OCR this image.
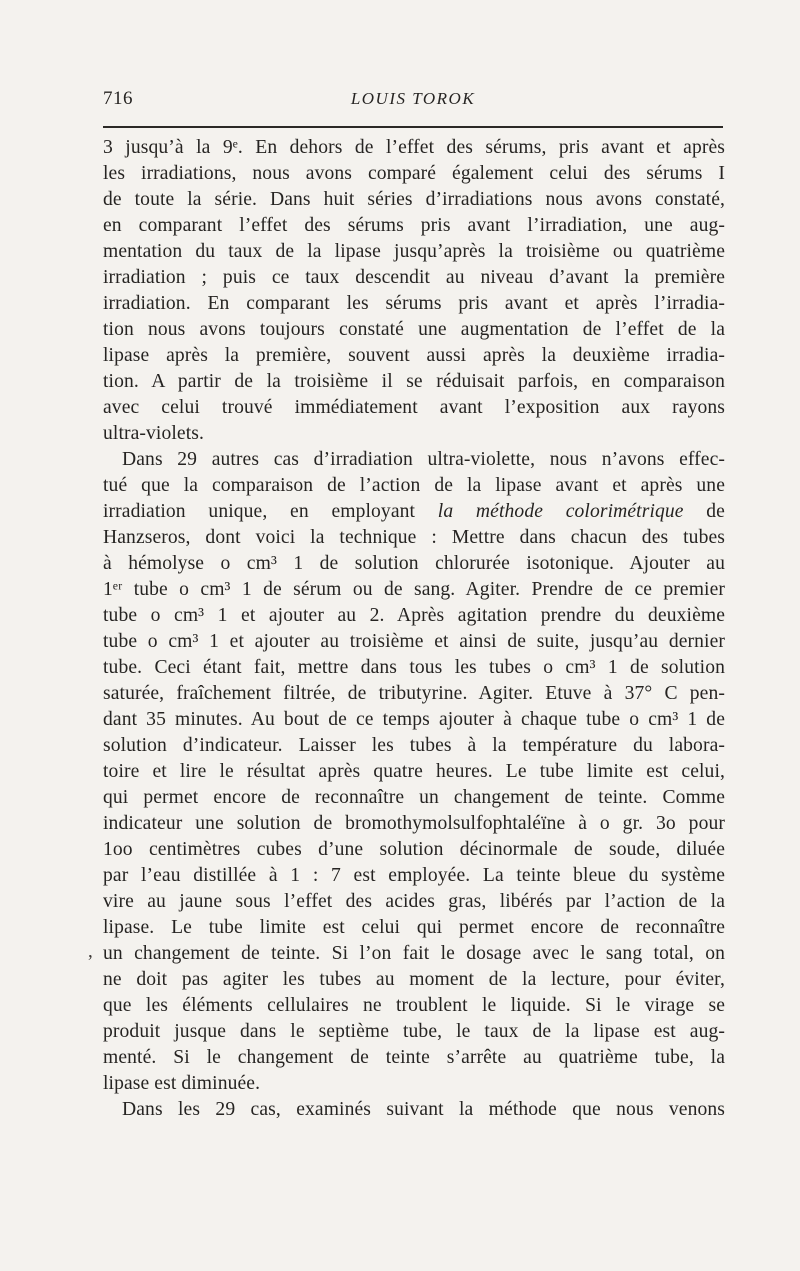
716	LOUIS TOROK
,
3 jusqu’à la 9ᵉ. En dehors de l’effet des sérums, pris avant et après
les irradiations, nous avons comparé également celui des sérums I
de toute la série. Dans huit séries d’irradiations nous avons constaté,
en comparant l’effet des sérums pris avant l’irradiation, une aug-
mentation du taux de la lipase jusqu’après la troisième ou quatrième
irradiation ; puis ce taux descendit au niveau d’avant la première
irradiation. En comparant les sérums pris avant et après l’irradia-
tion nous avons toujours constaté une augmentation de l’effet de la
lipase après la première, souvent aussi après la deuxième irradia-
tion. A partir de la troisième il se réduisait parfois, en comparaison
avec celui trouvé immédiatement avant l’exposition aux rayons
ultra-violets.
Dans 29 autres cas d’irradiation ultra-violette, nous n’avons effec-
tué que la comparaison de l’action de la lipase avant et après une
irradiation unique, en employant la méthode colorimétrique de
Hanzseros, dont voici la technique : Mettre dans chacun des tubes
à hémolyse o cm³ 1 de solution chlorurée isotonique. Ajouter au
1ᵉʳ tube o cm³ 1 de sérum ou de sang. Agiter. Prendre de ce premier
tube o cm³ 1 et ajouter au 2. Après agitation prendre du deuxième
tube o cm³ 1 et ajouter au troisième et ainsi de suite, jusqu’au dernier
tube. Ceci étant fait, mettre dans tous les tubes o cm³ 1 de solution
saturée, fraîchement filtrée, de tributyrine. Agiter. Etuve à 37° C pen-
dant 35 minutes. Au bout de ce temps ajouter à chaque tube o cm³ 1 de
solution d’indicateur. Laisser les tubes à la température du labora-
toire et lire le résultat après quatre heures. Le tube limite est celui,
qui permet encore de reconnaître un changement de teinte. Comme
indicateur une solution de bromothymolsulfophtaléïne à o gr. 3o pour
1oo centimètres cubes d’une solution décinormale de soude, diluée
par l’eau distillée à 1 : 7 est employée. La teinte bleue du système
vire au jaune sous l’effet des acides gras, libérés par l’action de la
lipase. Le tube limite est celui qui permet encore de reconnaître
un changement de teinte. Si l’on fait le dosage avec le sang total, on
ne doit pas agiter les tubes au moment de la lecture, pour éviter,
que les éléments cellulaires ne troublent le liquide. Si le virage se
produit jusque dans le septième tube, le taux de la lipase est aug-
menté. Si le changement de teinte s’arrête au quatrième tube, la
lipase est diminuée.
Dans les 29 cas, examinés suivant la méthode que nous venons
